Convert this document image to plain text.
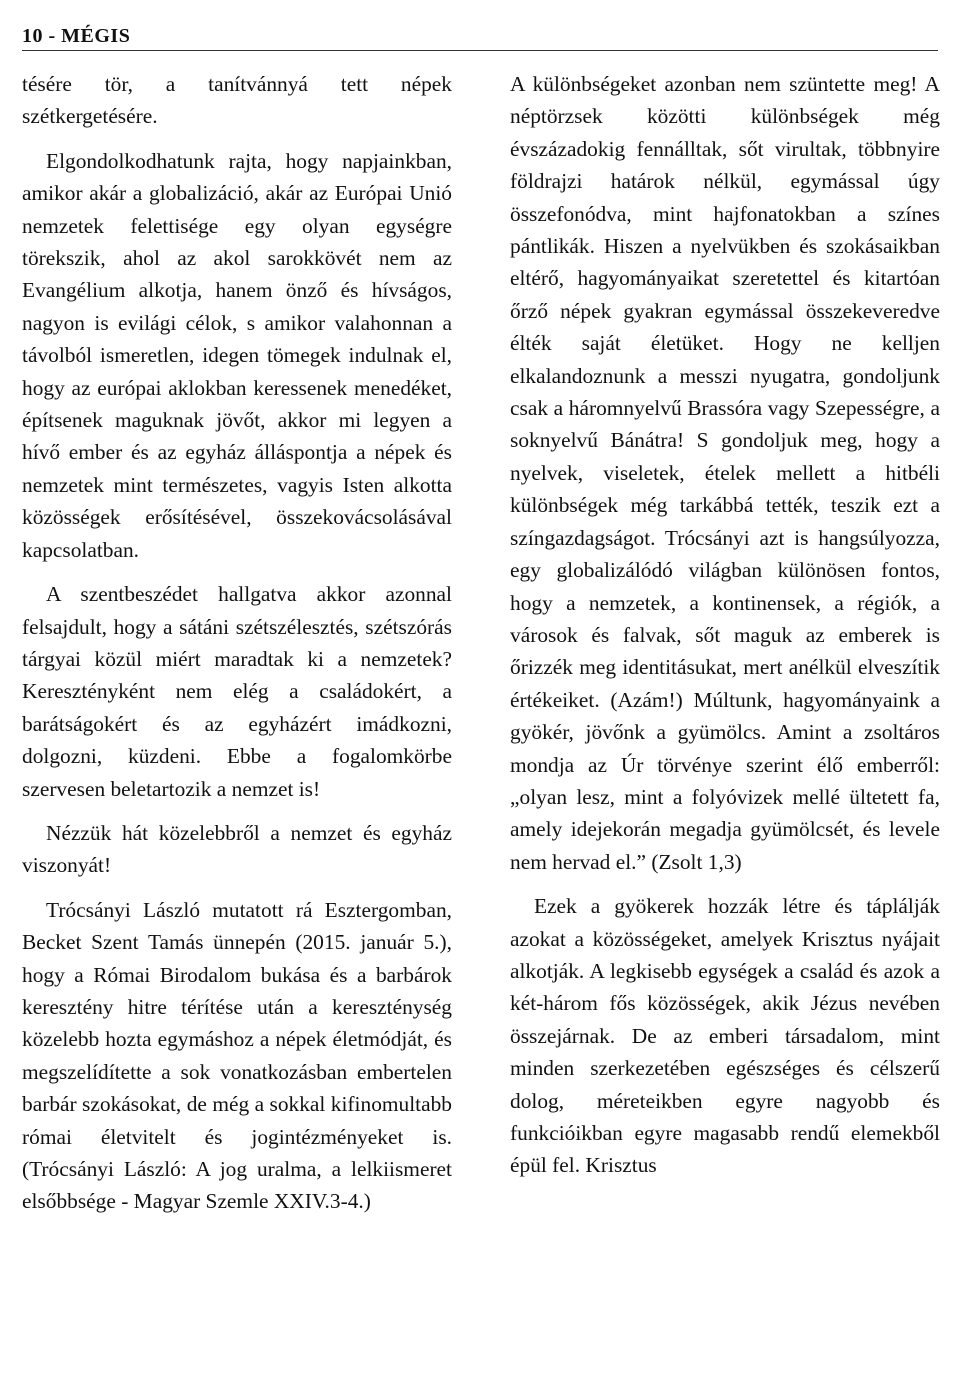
10 - MÉGIS

tésére tör, a tanítvánnyá tett népek szétkergetésére.

Elgondolkodhatunk rajta, hogy napjainkban, amikor akár a globalizáció, akár az Európai Unió nemzetek felettisége egy olyan egységre törekszik, ahol az akol sarokkövét nem az Evangélium alkotja, hanem önző és hívságos, nagyon is evilági célok, s amikor valahonnan a távolból ismeretlen, idegen tömegek indulnak el, hogy az európai aklokban keressenek menedéket, építsenek maguknak jövőt, akkor mi legyen a hívő ember és az egyház álláspontja a népek és nemzetek mint természetes, vagyis Isten alkotta közösségek erősítésével, összekovácsolásával kapcsolatban.

A szentbeszédet hallgatva akkor azonnal felsajdult, hogy a sátáni szétszélesztés, szétszórás tárgyai közül miért maradtak ki a nemzetek? Keresztényként nem elég a családokért, a barátságokért és az egyházért imádkozni, dolgozni, küzdeni. Ebbe a fogalomkörbe szervesen beletartozik a nemzet is!

Nézzük hát közelebbről a nemzet és egyház viszonyát!

Trócsányi László mutatott rá Esztergomban, Becket Szent Tamás ünnepén (2015. január 5.), hogy a Római Birodalom bukása és a barbárok keresztény hitre térítése után a kereszténység közelebb hozta egymáshoz a népek életmódját, és megszelídítette a sok vonatkozásban embertelen barbár szokásokat, de még a sokkal kifinomultabb római életvitelt és jogintézményeket is. (Trócsányi László: A jog uralma, a lelkiismeret elsőbbsége - Magyar Szemle XXIV.3-4.)

A különbségeket azonban nem szüntette meg! A néptörzsek közötti különbségek még évszázadokig fennálltak, sőt virultak, többnyire földrajzi határok nélkül, egymással úgy összefonódva, mint hajfonatokban a színes pántlikák. Hiszen a nyelvükben és szokásaikban eltérő, hagyományaikat szeretettel és kitartóan őrző népek gyakran egymással összekeveredve élték saját életüket. Hogy ne kelljen elkalandoznunk a messzi nyugatra, gondoljunk csak a háromnyelvű Brassóra vagy Szepességre, a soknyelvű Bánátra! S gondoljuk meg, hogy a nyelvek, viseletek, ételek mellett a hitbéli különbségek még tarkábbá tették, teszik ezt a színgazdagságot. Trócsányi azt is hangsúlyozza, egy globalizálódó világban különösen fontos, hogy a nemzetek, a kontinensek, a régiók, a városok és falvak, sőt maguk az emberek is őrizzék meg identitásukat, mert anélkül elveszítik értékeiket. (Azám!) Múltunk, hagyományaink a gyökér, jövőnk a gyümölcs. Amint a zsoltáros mondja az Úr törvénye szerint élő emberről: „olyan lesz, mint a folyóvizek mellé ültetett fa, amely idejekorán megadja gyümölcsét, és levele nem hervad el.” (Zsolt 1,3)

Ezek a gyökerek hozzák létre és táplálják azokat a közösségeket, amelyek Krisztus nyájait alkotják. A legkisebb egységek a család és azok a két-három fős közösségek, akik Jézus nevében összejárnak. De az emberi társadalom, mint minden szerkezetében egészséges és célszerű dolog, méreteikben egyre nagyobb és funkcióikban egyre magasabb rendű elemekből épül fel. Krisztus
